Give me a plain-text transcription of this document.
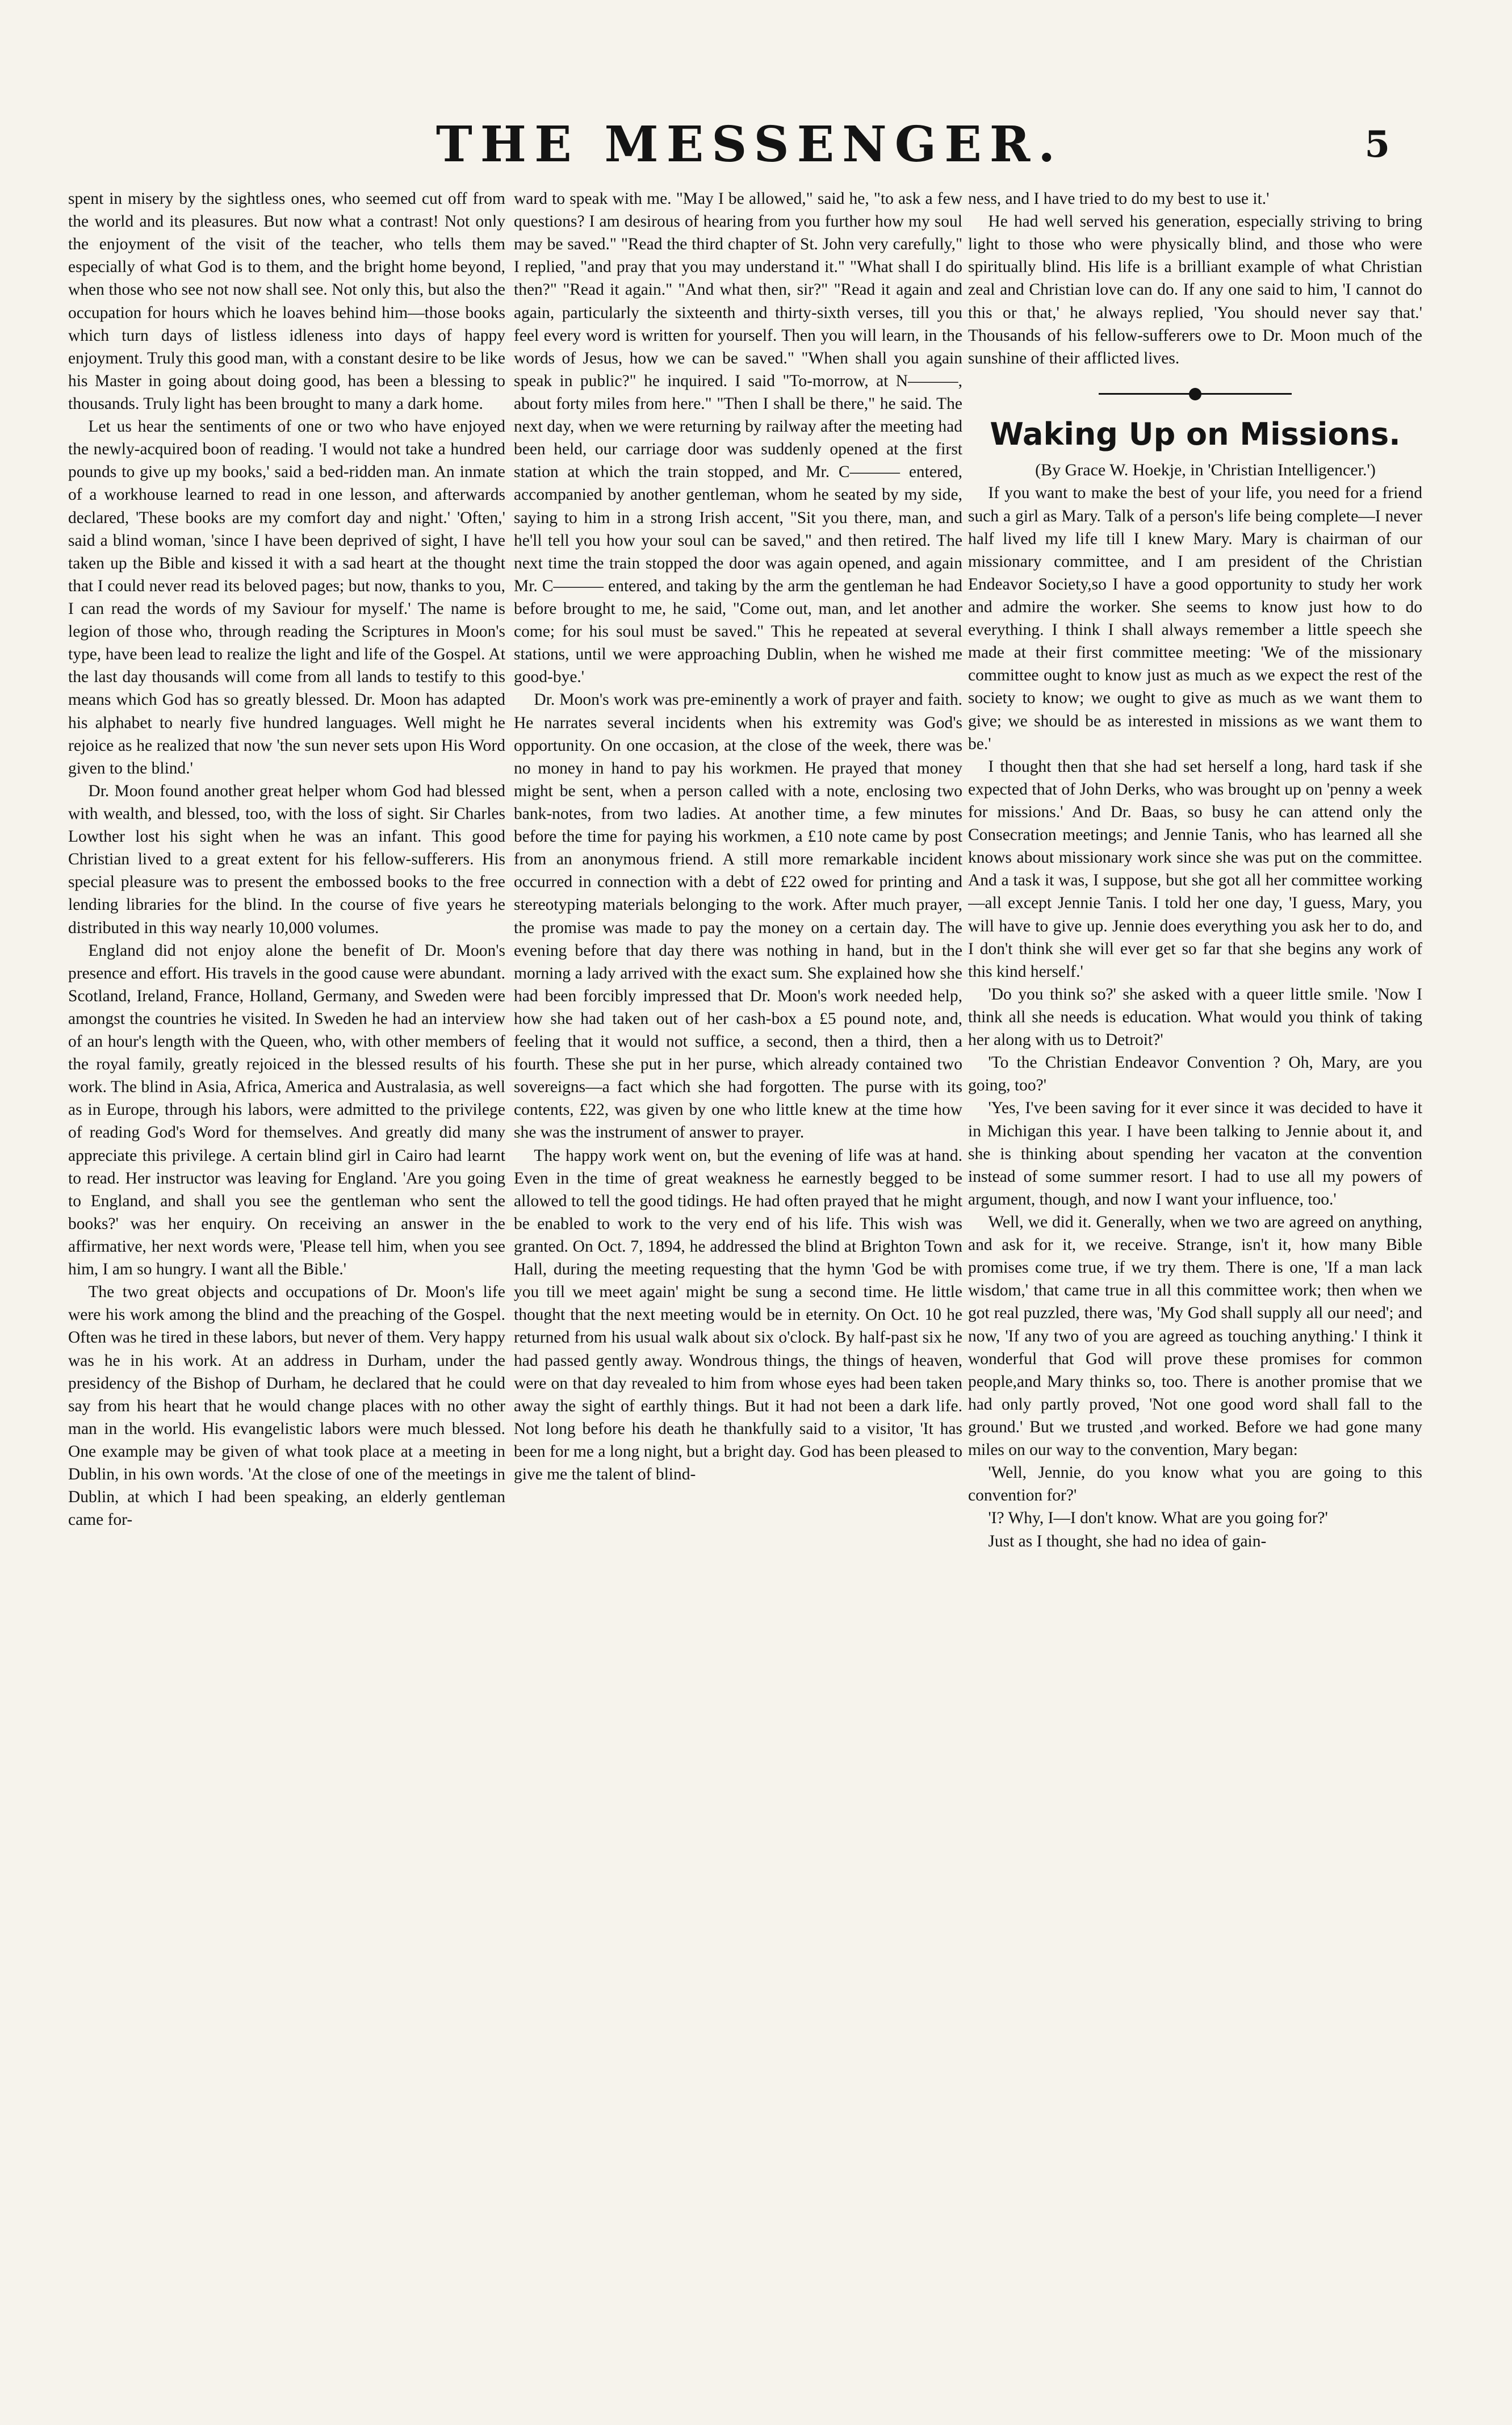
THE MESSENGER.	5

spent in misery by the sightless ones, who seemed cut off from the world and its pleasures. But now what a contrast! Not only the enjoyment of the visit of the teacher, who tells them especially of what God is to them, and the bright home beyond, when those who see not now shall see. Not only this, but also the occupation for hours which he loaves behind him—those books which turn days of listless idleness into days of happy enjoyment. Truly this good man, with a constant desire to be like his Master in going about doing good, has been a blessing to thousands. Truly light has been brought to many a dark home.

Let us hear the sentiments of one or two who have enjoyed the newly-acquired boon of reading. 'I would not take a hundred pounds to give up my books,' said a bed-ridden man. An inmate of a workhouse learned to read in one lesson, and afterwards declared, 'These books are my comfort day and night.' 'Often,' said a blind woman, 'since I have been deprived of sight, I have taken up the Bible and kissed it with a sad heart at the thought that I could never read its beloved pages; but now, thanks to you, I can read the words of my Saviour for myself.' The name is legion of those who, through reading the Scriptures in Moon's type, have been lead to realize the light and life of the Gospel. At the last day thousands will come from all lands to testify to this means which God has so greatly blessed. Dr. Moon has adapted his alphabet to nearly five hundred languages. Well might he rejoice as he realized that now 'the sun never sets upon His Word given to the blind.'

Dr. Moon found another great helper whom God had blessed with wealth, and blessed, too, with the loss of sight. Sir Charles Lowther lost his sight when he was an infant. This good Christian lived to a great extent for his fellow-sufferers. His special pleasure was to present the embossed books to the free lending libraries for the blind. In the course of five years he distributed in this way nearly 10,000 volumes.

England did not enjoy alone the benefit of Dr. Moon's presence and effort. His travels in the good cause were abundant. Scotland, Ireland, France, Holland, Germany, and Sweden were amongst the countries he visited. In Sweden he had an interview of an hour's length with the Queen, who, with other members of the royal family, greatly rejoiced in the blessed results of his work. The blind in Asia, Africa, America and Australasia, as well as in Europe, through his labors, were admitted to the privilege of reading God's Word for themselves. And greatly did many appreciate this privilege. A certain blind girl in Cairo had learnt to read. Her instructor was leaving for England. 'Are you going to England, and shall you see the gentleman who sent the books?' was her enquiry. On receiving an answer in the affirmative, her next words were, 'Please tell him, when you see him, I am so hungry. I want all the Bible.'

The two great objects and occupations of Dr. Moon's life were his work among the blind and the preaching of the Gospel. Often was he tired in these labors, but never of them. Very happy was he in his work. At an address in Durham, under the presidency of the Bishop of Durham, he declared that he could say from his heart that he would change places with no other man in the world. His evangelistic labors were much blessed. One example may be given of what took place at a meeting in Dublin, in his own words. 'At the close of one of the meetings in Dublin, at which I had been speaking, an elderly gentleman came for-

ward to speak with me. "May I be allowed," said he, "to ask a few questions? I am desirous of hearing from you further how my soul may be saved." "Read the third chapter of St. John very carefully," I replied, "and pray that you may understand it." "What shall I do then?" "Read it again." "And what then, sir?" "Read it again and again, particularly the sixteenth and thirty-sixth verses, till you feel every word is written for yourself. Then you will learn, in the words of Jesus, how we can be saved." "When shall you again speak in public?" he inquired. I said "To-morrow, at N———, about forty miles from here." "Then I shall be there," he said. The next day, when we were returning by railway after the meeting had been held, our carriage door was suddenly opened at the first station at which the train stopped, and Mr. C——— entered, accompanied by another gentleman, whom he seated by my side, saying to him in a strong Irish accent, "Sit you there, man, and he'll tell you how your soul can be saved," and then retired. The next time the train stopped the door was again opened, and again Mr. C——— entered, and taking by the arm the gentleman he had before brought to me, he said, "Come out, man, and let another come; for his soul must be saved." This he repeated at several stations, until we were approaching Dublin, when he wished me good-bye.'

Dr. Moon's work was pre-eminently a work of prayer and faith. He narrates several incidents when his extremity was God's opportunity. On one occasion, at the close of the week, there was no money in hand to pay his workmen. He prayed that money might be sent, when a person called with a note, enclosing two bank-notes, from two ladies. At another time, a few minutes before the time for paying his workmen, a £10 note came by post from an anonymous friend. A still more remarkable incident occurred in connection with a debt of £22 owed for printing and stereotyping materials belonging to the work. After much prayer, the promise was made to pay the money on a certain day. The evening before that day there was nothing in hand, but in the morning a lady arrived with the exact sum. She explained how she had been forcibly impressed that Dr. Moon's work needed help, how she had taken out of her cash-box a £5 pound note, and, feeling that it would not suffice, a second, then a third, then a fourth. These she put in her purse, which already contained two sovereigns—a fact which she had forgotten. The purse with its contents, £22, was given by one who little knew at the time how she was the instrument of answer to prayer.

The happy work went on, but the evening of life was at hand. Even in the time of great weakness he earnestly begged to be allowed to tell the good tidings. He had often prayed that he might be enabled to work to the very end of his life. This wish was granted. On Oct. 7, 1894, he addressed the blind at Brighton Town Hall, during the meeting requesting that the hymn 'God be with you till we meet again' might be sung a second time. He little thought that the next meeting would be in eternity. On Oct. 10 he returned from his usual walk about six o'clock. By half-past six he had passed gently away. Wondrous things, the things of heaven, were on that day revealed to him from whose eyes had been taken away the sight of earthly things. But it had not been a dark life. Not long before his death he thankfully said to a visitor, 'It has been for me a long night, but a bright day. God has been pleased to give me the talent of blind-

ness, and I have tried to do my best to use it.'

He had well served his generation, especially striving to bring light to those who were physically blind, and those who were spiritually blind. His life is a brilliant example of what Christian zeal and Christian love can do. If any one said to him, 'I cannot do this or that,' he always replied, 'You should never say that.' Thousands of his fellow-sufferers owe to Dr. Moon much of the sunshine of their afflicted lives.

Waking Up on Missions.

(By Grace W. Hoekje, in 'Christian Intelligencer.')

If you want to make the best of your life, you need for a friend such a girl as Mary. Talk of a person's life being complete—I never half lived my life till I knew Mary. Mary is chairman of our missionary committee, and I am president of the Christian Endeavor Society,so I have a good opportunity to study her work and admire the worker. She seems to know just how to do everything. I think I shall always remember a little speech she made at their first committee meeting: 'We of the missionary committee ought to know just as much as we expect the rest of the society to know; we ought to give as much as we want them to give; we should be as interested in missions as we want them to be.'

I thought then that she had set herself a long, hard task if she expected that of John Derks, who was brought up on 'penny a week for missions.' And Dr. Baas, so busy he can attend only the Consecration meetings; and Jennie Tanis, who has learned all she knows about missionary work since she was put on the committee. And a task it was, I suppose, but she got all her committee working—all except Jennie Tanis. I told her one day, 'I guess, Mary, you will have to give up. Jennie does everything you ask her to do, and I don't think she will ever get so far that she begins any work of this kind herself.'

'Do you think so?' she asked with a queer little smile. 'Now I think all she needs is education. What would you think of taking her along with us to Detroit?'

'To the Christian Endeavor Convention ? Oh, Mary, are you going, too?'

'Yes, I've been saving for it ever since it was decided to have it in Michigan this year. I have been talking to Jennie about it, and she is thinking about spending her vacaton at the convention instead of some summer resort. I had to use all my powers of argument, though, and now I want your influence, too.'

Well, we did it. Generally, when we two are agreed on anything, and ask for it, we receive. Strange, isn't it, how many Bible promises come true, if we try them. There is one, 'If a man lack wisdom,' that came true in all this committee work; then when we got real puzzled, there was, 'My God shall supply all our need'; and now, 'If any two of you are agreed as touching anything.' I think it wonderful that God will prove these promises for common people,and Mary thinks so, too. There is another promise that we had only partly proved, 'Not one good word shall fall to the ground.' But we trusted ,and worked. Before we had gone many miles on our way to the convention, Mary began:

'Well, Jennie, do you know what you are going to this convention for?'

'I? Why, I—I don't know. What are you going for?'

Just as I thought, she had no idea of gain-
